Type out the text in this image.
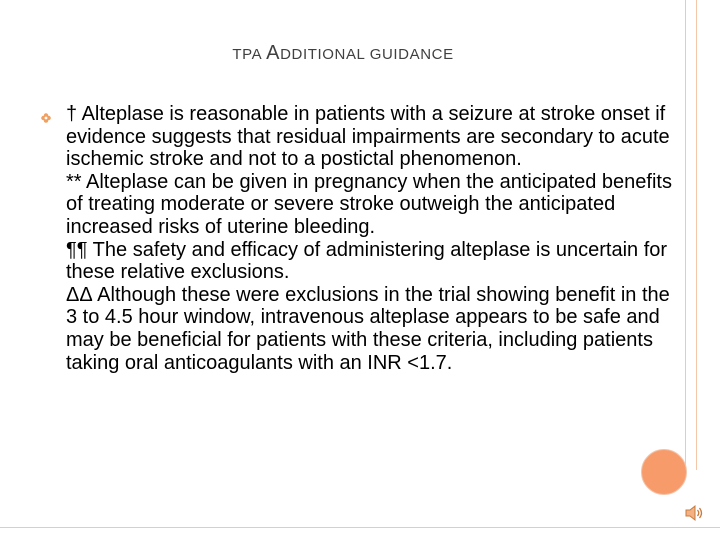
TPA ADDITIONAL GUIDANCE

† Alteplase is reasonable in patients with a seizure at stroke onset if evidence suggests that residual impairments are secondary to acute ischemic stroke and not to a postictal phenomenon.

** Alteplase can be given in pregnancy when the anticipated benefits of treating moderate or severe stroke outweigh the anticipated increased risks of uterine bleeding.

¶¶ The safety and efficacy of administering alteplase is uncertain for these relative exclusions.

ΔΔ Although these were exclusions in the trial showing benefit in the 3 to 4.5 hour window, intravenous alteplase appears to be safe and may be beneficial for patients with these criteria, including patients taking oral anticoagulants with an INR <1.7.
